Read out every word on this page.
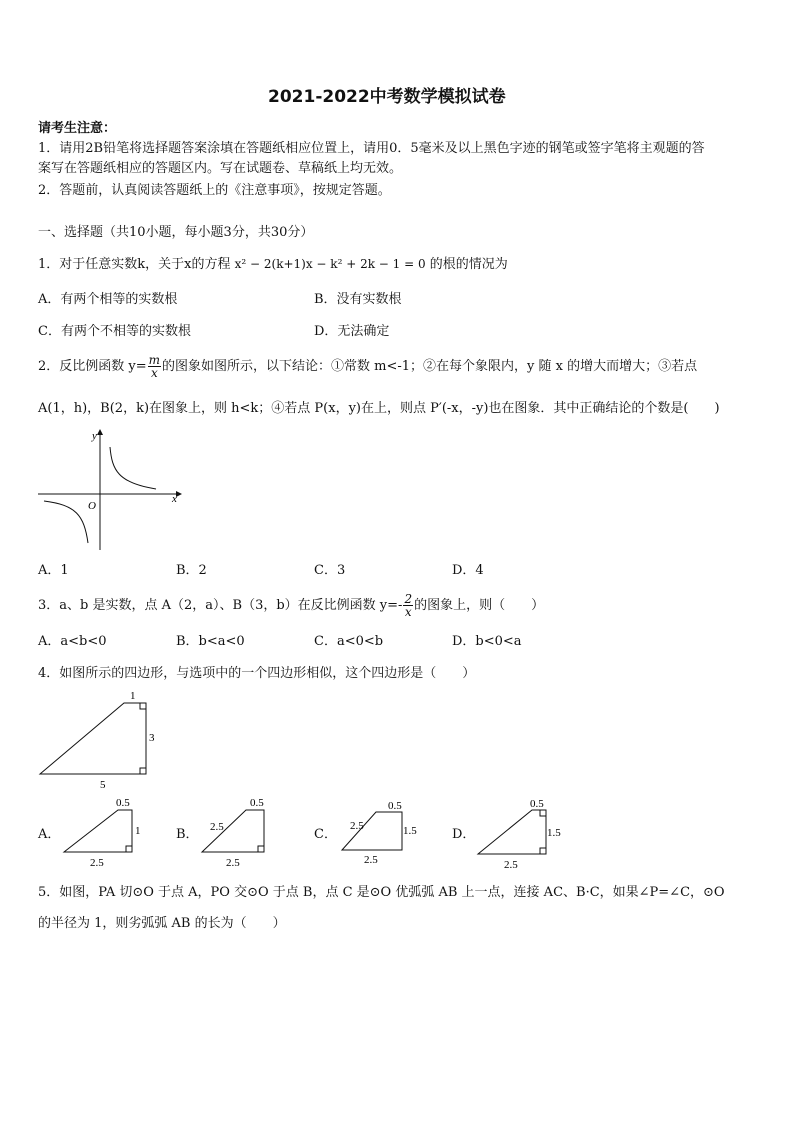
2021-2022中考数学模拟试卷
请考生注意：
1．请用2B铅笔将选择题答案涂填在答题纸相应位置上，请用0．5毫米及以上黑色字迹的钢笔或签字笔将主观题的答
案写在答题纸相应的答题区内。写在试题卷、草稿纸上均无效。
2．答题前，认真阅读答题纸上的《注意事项》，按规定答题。
一、选择题（共10小题，每小题3分，共30分）
1．对于任意实数k，关于x的方程 x² − 2(k+1)x − k² + 2k − 1 = 0 的根的情况为
A．有两个相等的实数根	B．没有实数根
C．有两个不相等的实数根	D．无法确定
2．反比例函数 $y= \frac{m}{x}$ 的图象如图所示，以下结论：①常数 m<-1；②在每个象限内，y 随 x 的增大而增大；③若点
A(1，h)，B(2，k)在图象上，则 h<k；④若点 P(x，y)在上，则点 P′(-x，-y)也在图象．其中正确结论的个数是(　　)
x
y
O
A．1	B．2	C．3	D．4
3．a、b 是实数，点 A（2，a）、B（3，b）在反比例函数 $y=- \frac{2}{x}$ 的图象上，则（　　）
A．a<b<0	B．b<a<0	C．a<0<b	D．b<0<a
4．如图所示的四边形，与选项中的一个四边形相似，这个四边形是（　　）
1
3
5
A．
0.5
1
2.5
B．
0.5
2.5
2.5
C．
0.5
2.5	1.5
2.5
D．
0.5
1.5
2.5
5．如图，PA 切⊙O 于点 A，PO 交⊙O 于点 B，点 C 是⊙O 优弧弧 AB 上一点，连接 AC、B·C，如果∠P=∠C，⊙O
的半径为 1，则劣弧弧 AB 的长为（　　）
